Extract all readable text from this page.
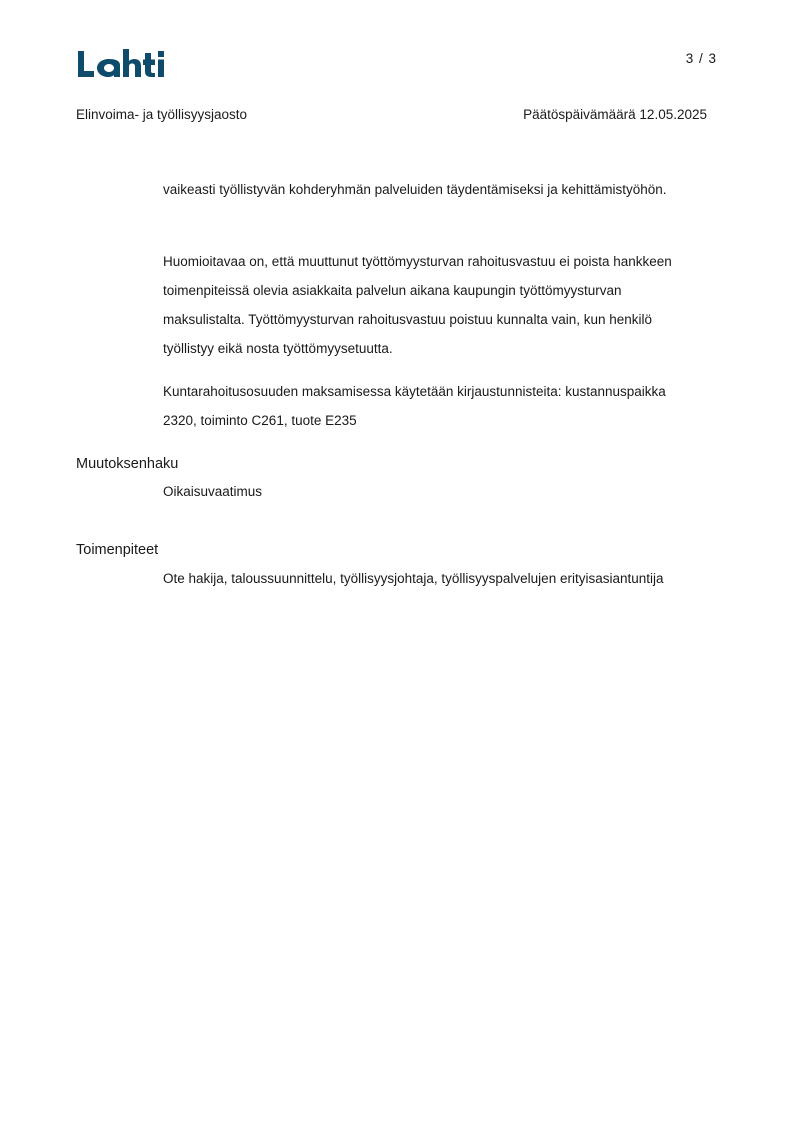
3 / 3
Elinvoima- ja työllisyysjaosto	Päätöspäivämäärä 12.05.2025

vaikeasti työllistyvän kohderyhmän palveluiden täydentämiseksi ja kehittämistyöhön.

Huomioitavaa on, että muuttunut työttömyysturvan rahoitusvastuu ei poista hankkeen toimenpiteissä olevia asiakkaita palvelun aikana kaupungin työttömyysturvan maksulistalta. Työttömyysturvan rahoitusvastuu poistuu kunnalta vain, kun henkilö työllistyy eikä nosta työttömyysetuutta.

Kuntarahoitusosuuden maksamisessa käytetään kirjaustunnisteita: kustannuspaikka 2320, toiminto C261, tuote E235

Muutoksenhaku

Oikaisuvaatimus

Toimenpiteet

Ote hakija, taloussuunnittelu, työllisyysjohtaja, työllisyyspalvelujen erityisasiantuntija
